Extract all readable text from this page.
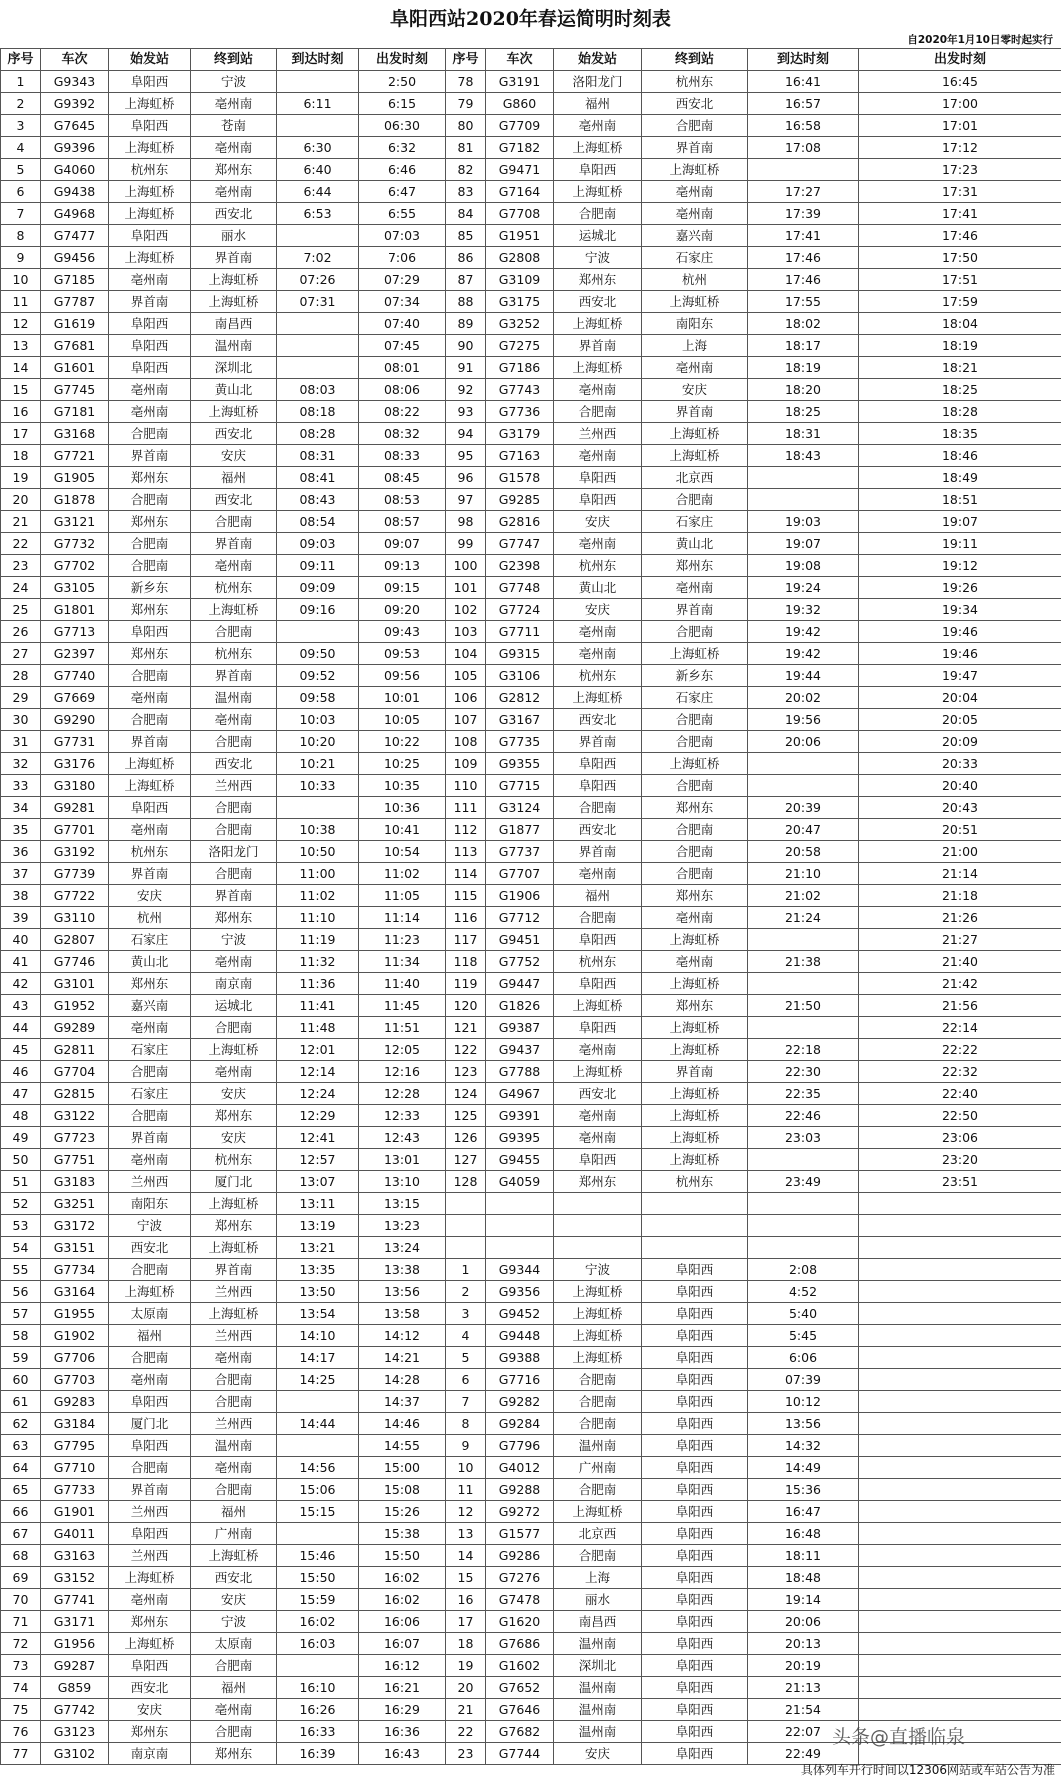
阜阳西站2020年春运简明时刻表
自2020年1月10日零时起实行
序号	车次	始发站	终到站	到达时刻	出发时刻	序号	车次	始发站	终到站	到达时刻	出发时刻
1	G9343	阜阳西	宁波		2:50	78	G3191	洛阳龙门	杭州东	16:41	16:45
2	G9392	上海虹桥	亳州南	6:11	6:15	79	G860	福州	西安北	16:57	17:00
3	G7645	阜阳西	苍南		06:30	80	G7709	亳州南	合肥南	16:58	17:01
4	G9396	上海虹桥	亳州南	6:30	6:32	81	G7182	上海虹桥	界首南	17:08	17:12
5	G4060	杭州东	郑州东	6:40	6:46	82	G9471	阜阳西	上海虹桥		17:23
6	G9438	上海虹桥	亳州南	6:44	6:47	83	G7164	上海虹桥	亳州南	17:27	17:31
7	G4968	上海虹桥	西安北	6:53	6:55	84	G7708	合肥南	亳州南	17:39	17:41
8	G7477	阜阳西	丽水		07:03	85	G1951	运城北	嘉兴南	17:41	17:46
9	G9456	上海虹桥	界首南	7:02	7:06	86	G2808	宁波	石家庄	17:46	17:50
10	G7185	亳州南	上海虹桥	07:26	07:29	87	G3109	郑州东	杭州	17:46	17:51
11	G7787	界首南	上海虹桥	07:31	07:34	88	G3175	西安北	上海虹桥	17:55	17:59
12	G1619	阜阳西	南昌西		07:40	89	G3252	上海虹桥	南阳东	18:02	18:04
13	G7681	阜阳西	温州南		07:45	90	G7275	界首南	上海	18:17	18:19
14	G1601	阜阳西	深圳北		08:01	91	G7186	上海虹桥	亳州南	18:19	18:21
15	G7745	亳州南	黄山北	08:03	08:06	92	G7743	亳州南	安庆	18:20	18:25
16	G7181	亳州南	上海虹桥	08:18	08:22	93	G7736	合肥南	界首南	18:25	18:28
17	G3168	合肥南	西安北	08:28	08:32	94	G3179	兰州西	上海虹桥	18:31	18:35
18	G7721	界首南	安庆	08:31	08:33	95	G7163	亳州南	上海虹桥	18:43	18:46
19	G1905	郑州东	福州	08:41	08:45	96	G1578	阜阳西	北京西		18:49
20	G1878	合肥南	西安北	08:43	08:53	97	G9285	阜阳西	合肥南		18:51
21	G3121	郑州东	合肥南	08:54	08:57	98	G2816	安庆	石家庄	19:03	19:07
22	G7732	合肥南	界首南	09:03	09:07	99	G7747	亳州南	黄山北	19:07	19:11
23	G7702	合肥南	亳州南	09:11	09:13	100	G2398	杭州东	郑州东	19:08	19:12
24	G3105	新乡东	杭州东	09:09	09:15	101	G7748	黄山北	亳州南	19:24	19:26
25	G1801	郑州东	上海虹桥	09:16	09:20	102	G7724	安庆	界首南	19:32	19:34
26	G7713	阜阳西	合肥南		09:43	103	G7711	亳州南	合肥南	19:42	19:46
27	G2397	郑州东	杭州东	09:50	09:53	104	G9315	亳州南	上海虹桥	19:42	19:46
28	G7740	合肥南	界首南	09:52	09:56	105	G3106	杭州东	新乡东	19:44	19:47
29	G7669	亳州南	温州南	09:58	10:01	106	G2812	上海虹桥	石家庄	20:02	20:04
30	G9290	合肥南	亳州南	10:03	10:05	107	G3167	西安北	合肥南	19:56	20:05
31	G7731	界首南	合肥南	10:20	10:22	108	G7735	界首南	合肥南	20:06	20:09
32	G3176	上海虹桥	西安北	10:21	10:25	109	G9355	阜阳西	上海虹桥		20:33
33	G3180	上海虹桥	兰州西	10:33	10:35	110	G7715	阜阳西	合肥南		20:40
34	G9281	阜阳西	合肥南		10:36	111	G3124	合肥南	郑州东	20:39	20:43
35	G7701	亳州南	合肥南	10:38	10:41	112	G1877	西安北	合肥南	20:47	20:51
36	G3192	杭州东	洛阳龙门	10:50	10:54	113	G7737	界首南	合肥南	20:58	21:00
37	G7739	界首南	合肥南	11:00	11:02	114	G7707	亳州南	合肥南	21:10	21:14
38	G7722	安庆	界首南	11:02	11:05	115	G1906	福州	郑州东	21:02	21:18
39	G3110	杭州	郑州东	11:10	11:14	116	G7712	合肥南	亳州南	21:24	21:26
40	G2807	石家庄	宁波	11:19	11:23	117	G9451	阜阳西	上海虹桥		21:27
41	G7746	黄山北	亳州南	11:32	11:34	118	G7752	杭州东	亳州南	21:38	21:40
42	G3101	郑州东	南京南	11:36	11:40	119	G9447	阜阳西	上海虹桥		21:42
43	G1952	嘉兴南	运城北	11:41	11:45	120	G1826	上海虹桥	郑州东	21:50	21:56
44	G9289	亳州南	合肥南	11:48	11:51	121	G9387	阜阳西	上海虹桥		22:14
45	G2811	石家庄	上海虹桥	12:01	12:05	122	G9437	亳州南	上海虹桥	22:18	22:22
46	G7704	合肥南	亳州南	12:14	12:16	123	G7788	上海虹桥	界首南	22:30	22:32
47	G2815	石家庄	安庆	12:24	12:28	124	G4967	西安北	上海虹桥	22:35	22:40
48	G3122	合肥南	郑州东	12:29	12:33	125	G9391	亳州南	上海虹桥	22:46	22:50
49	G7723	界首南	安庆	12:41	12:43	126	G9395	亳州南	上海虹桥	23:03	23:06
50	G7751	亳州南	杭州东	12:57	13:01	127	G9455	阜阳西	上海虹桥		23:20
51	G3183	兰州西	厦门北	13:07	13:10	128	G4059	郑州东	杭州东	23:49	23:51
52	G3251	南阳东	上海虹桥	13:11	13:15						
53	G3172	宁波	郑州东	13:19	13:23						
54	G3151	西安北	上海虹桥	13:21	13:24						
55	G7734	合肥南	界首南	13:35	13:38	1	G9344	宁波	阜阳西	2:08	
56	G3164	上海虹桥	兰州西	13:50	13:56	2	G9356	上海虹桥	阜阳西	4:52	
57	G1955	太原南	上海虹桥	13:54	13:58	3	G9452	上海虹桥	阜阳西	5:40	
58	G1902	福州	兰州西	14:10	14:12	4	G9448	上海虹桥	阜阳西	5:45	
59	G7706	合肥南	亳州南	14:17	14:21	5	G9388	上海虹桥	阜阳西	6:06	
60	G7703	亳州南	合肥南	14:25	14:28	6	G7716	合肥南	阜阳西	07:39	
61	G9283	阜阳西	合肥南		14:37	7	G9282	合肥南	阜阳西	10:12	
62	G3184	厦门北	兰州西	14:44	14:46	8	G9284	合肥南	阜阳西	13:56	
63	G7795	阜阳西	温州南		14:55	9	G7796	温州南	阜阳西	14:32	
64	G7710	合肥南	亳州南	14:56	15:00	10	G4012	广州南	阜阳西	14:49	
65	G7733	界首南	合肥南	15:06	15:08	11	G9288	合肥南	阜阳西	15:36	
66	G1901	兰州西	福州	15:15	15:26	12	G9272	上海虹桥	阜阳西	16:47	
67	G4011	阜阳西	广州南		15:38	13	G1577	北京西	阜阳西	16:48	
68	G3163	兰州西	上海虹桥	15:46	15:50	14	G9286	合肥南	阜阳西	18:11	
69	G3152	上海虹桥	西安北	15:50	16:02	15	G7276	上海	阜阳西	18:48	
70	G7741	亳州南	安庆	15:59	16:02	16	G7478	丽水	阜阳西	19:14	
71	G3171	郑州东	宁波	16:02	16:06	17	G1620	南昌西	阜阳西	20:06	
72	G1956	上海虹桥	太原南	16:03	16:07	18	G7686	温州南	阜阳西	20:13	
73	G9287	阜阳西	合肥南		16:12	19	G1602	深圳北	阜阳西	20:19	
74	G859	西安北	福州	16:10	16:21	20	G7652	温州南	阜阳西	21:13	
75	G7742	安庆	亳州南	16:26	16:29	21	G7646	温州南	阜阳西	21:54	
76	G3123	郑州东	合肥南	16:33	16:36	22	G7682	温州南	阜阳西	22:07	
77	G3102	南京南	郑州东	16:39	16:43	23	G7744	安庆	阜阳西	22:49	
头条@直播临泉
具体列车开行时间以12306网站或车站公告为准
